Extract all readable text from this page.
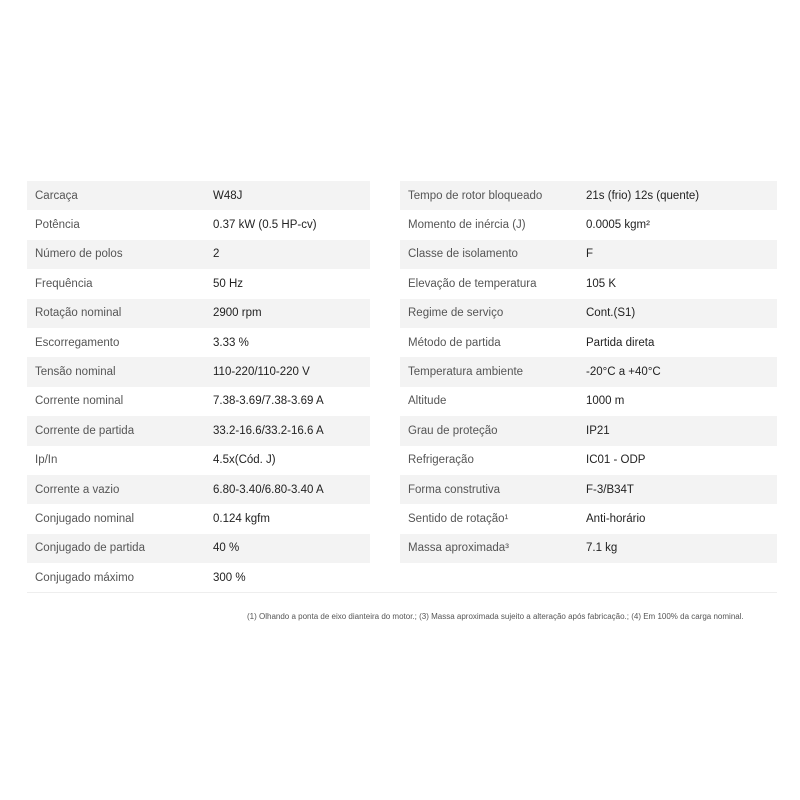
Carcaça	W48J		Tempo de rotor bloqueado	21s (frio) 12s (quente)
Potência	0.37 kW (0.5 HP-cv)		Momento de inércia (J)	0.0005 kgm²
Número de polos	2		Classe de isolamento	F
Frequência	50 Hz		Elevação de temperatura	105 K
Rotação nominal	2900 rpm		Regime de serviço	Cont.(S1)
Escorregamento	3.33 %		Método de partida	Partida direta
Tensão nominal	110-220/110-220 V		Temperatura ambiente	-20°C a +40°C
Corrente nominal	7.38-3.69/7.38-3.69 A		Altitude	1000 m
Corrente de partida	33.2-16.6/33.2-16.6 A		Grau de proteção	IP21
Ip/In	4.5x(Cód. J)		Refrigeração	IC01 - ODP
Corrente a vazio	6.80-3.40/6.80-3.40 A		Forma construtiva	F-3/B34T
Conjugado nominal	0.124 kgfm		Sentido de rotação¹	Anti-horário
Conjugado de partida	40 %		Massa aproximada³	7.1 kg
Conjugado máximo	300 %			
(1) Olhando a ponta de eixo dianteira do motor.; (3) Massa aproximada sujeito a alteração após fabricação.; (4) Em 100% da carga nominal.
